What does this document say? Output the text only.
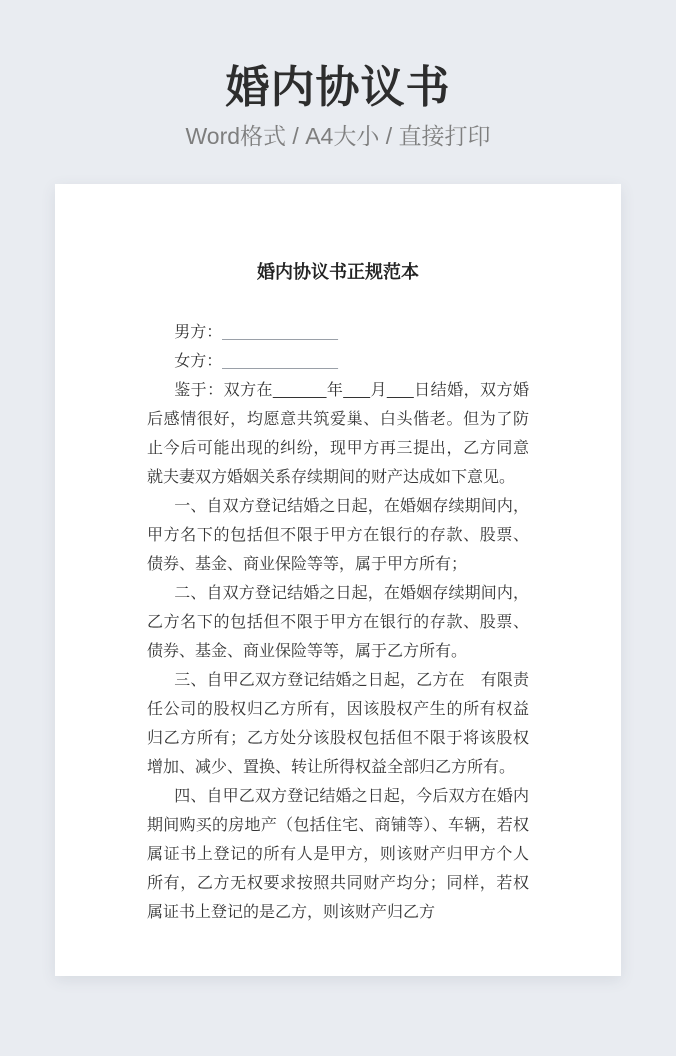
婚内协议书

Word格式 / A4大小 / 直接打印

婚内协议书正规范本

男方：_____________

女方：_____________

鉴于：双方在______年___月___日结婚，双方婚后感情很好，均愿意共筑爱巢、白头偕老。但为了防止今后可能出现的纠纷，现甲方再三提出，乙方同意就夫妻双方婚姻关系存续期间的财产达成如下意见。

一、自双方登记结婚之日起，在婚姻存续期间内，甲方名下的包括但不限于甲方在银行的存款、股票、债券、基金、商业保险等等，属于甲方所有；

二、自双方登记结婚之日起，在婚姻存续期间内，乙方名下的包括但不限于甲方在银行的存款、股票、债券、基金、商业保险等等，属于乙方所有。

三、自甲乙双方登记结婚之日起，乙方在　有限责任公司的股权归乙方所有，因该股权产生的所有权益归乙方所有；乙方处分该股权包括但不限于将该股权增加、减少、置换、转让所得权益全部归乙方所有。

四、自甲乙双方登记结婚之日起，今后双方在婚内期间购买的房地产（包括住宅、商铺等）、车辆，若权属证书上登记的所有人是甲方，则该财产归甲方个人所有，乙方无权要求按照共同财产均分；同样，若权属证书上登记的是乙方，则该财产归乙方
